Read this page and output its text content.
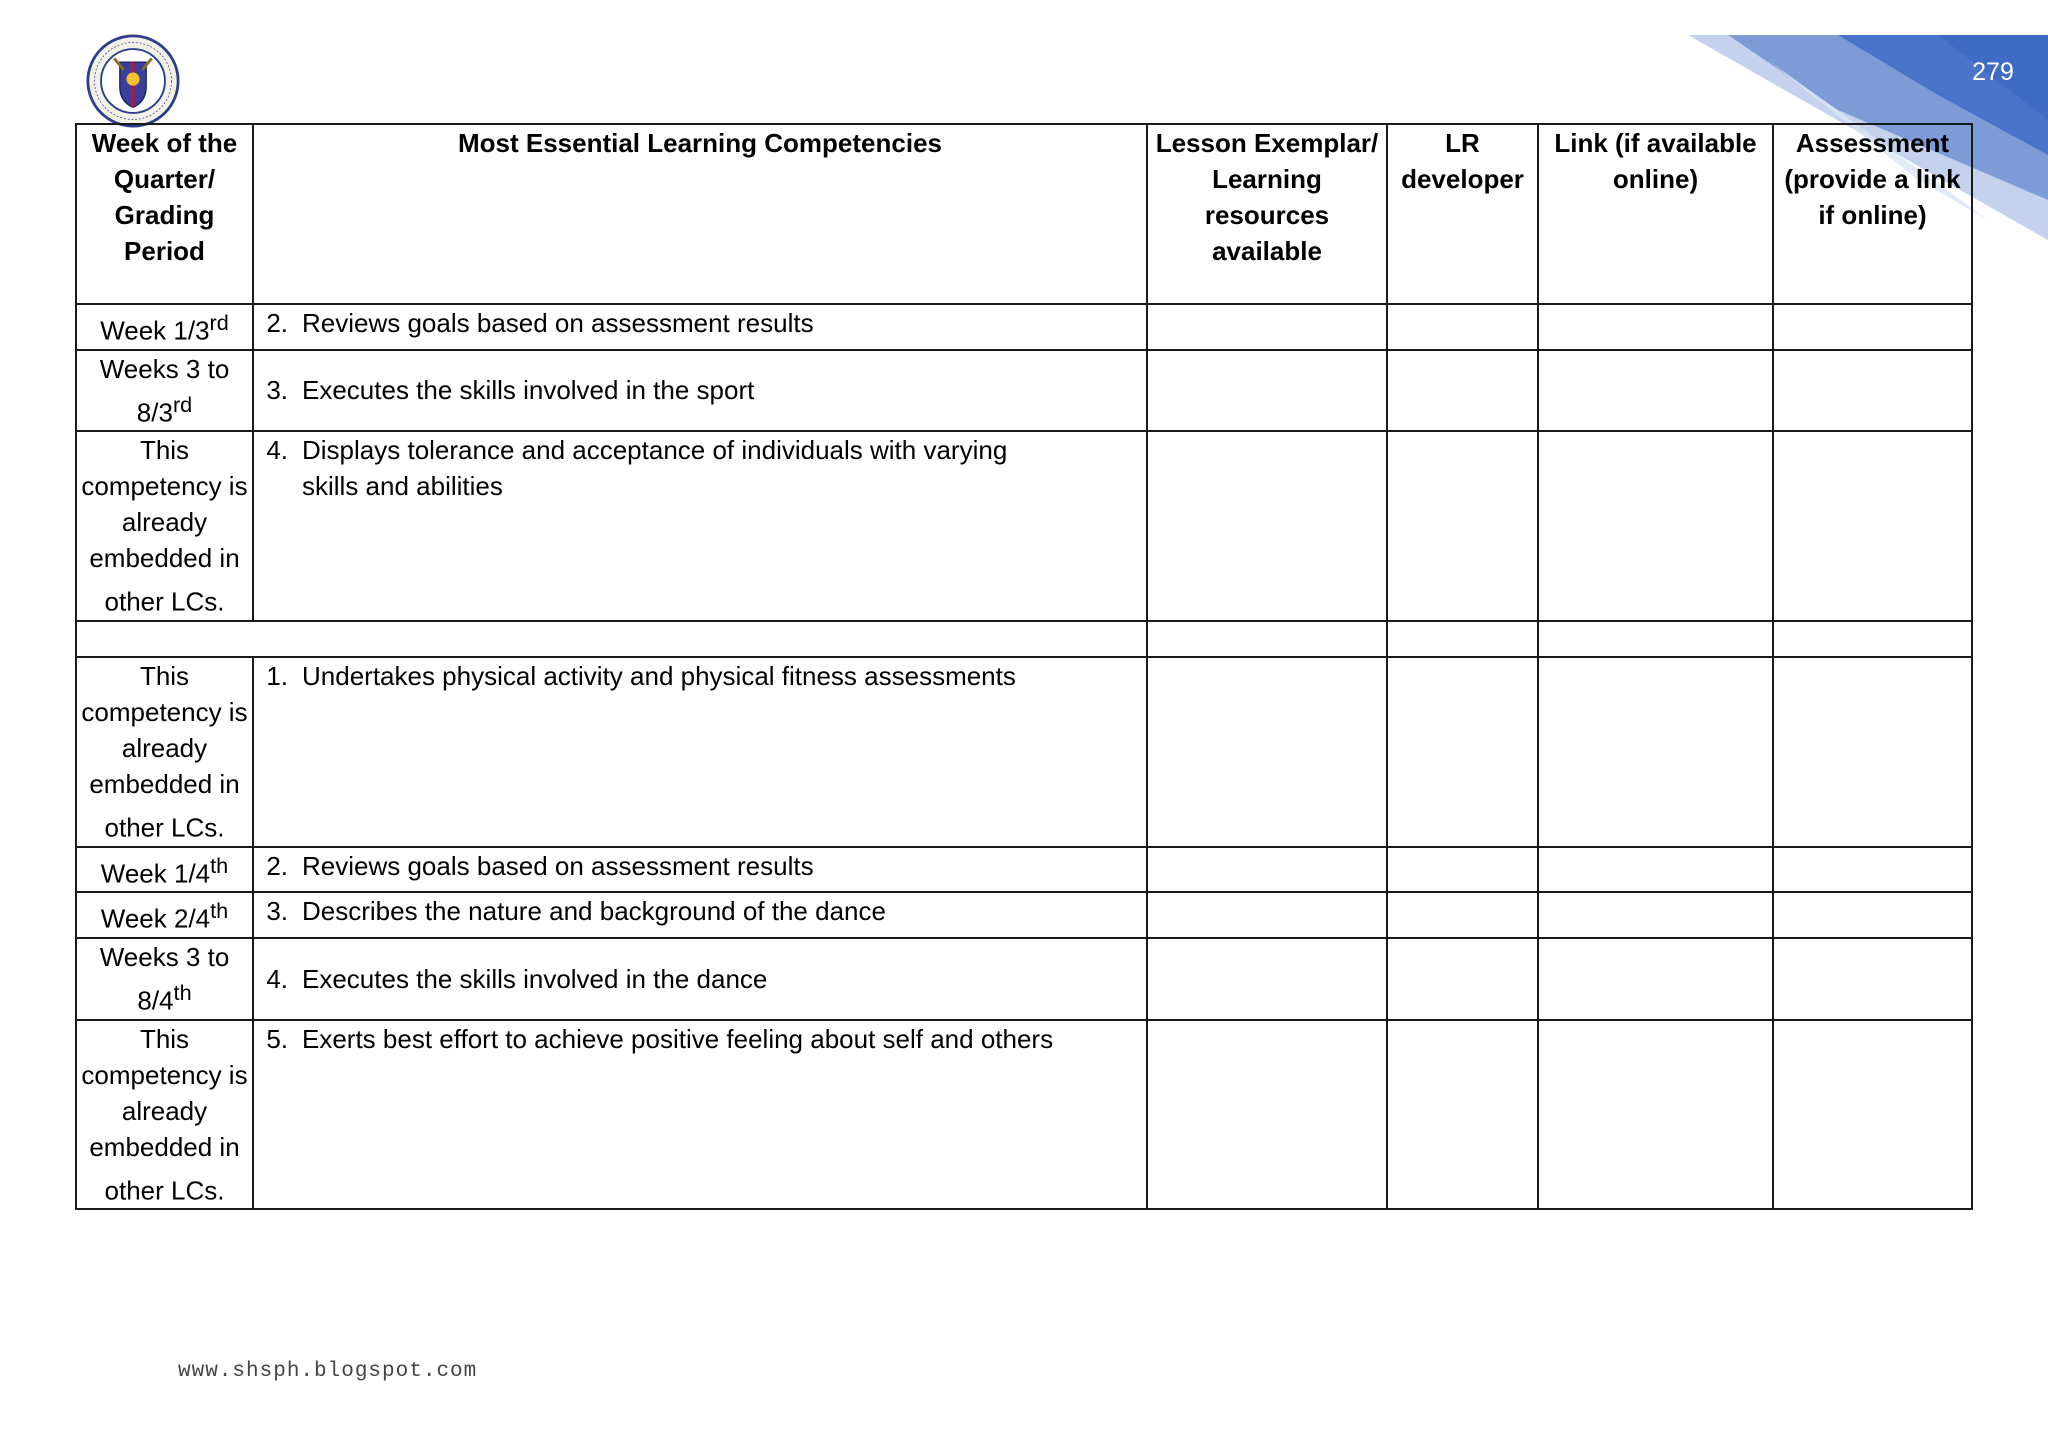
279
Week of the Quarter/ Grading Period	Most Essential Learning Competencies	Lesson Exemplar/ Learning resources available	LR developer	Link (if available online)	Assessment (provide a link if online)
Week 1/3rd	2. Reviews goals based on assessment results				

Weeks 3 to 8/3rd	3. Executes the skills involved in the sport				

This competency is already embedded in other LCs.	4. Displays tolerance and acceptance of individuals with varying skills and abilities				

This competency is already embedded in other LCs.	1. Undertakes physical activity and physical fitness assessments				

Week 1/4th	2. Reviews goals based on assessment results				

Week 2/4th	3. Describes the nature and background of the dance				

Weeks 3 to 8/4th	4. Executes the skills involved in the dance				

This competency is already embedded in other LCs.	5. Exerts best effort to achieve positive feeling about self and others				

www.shsph.blogspot.com
